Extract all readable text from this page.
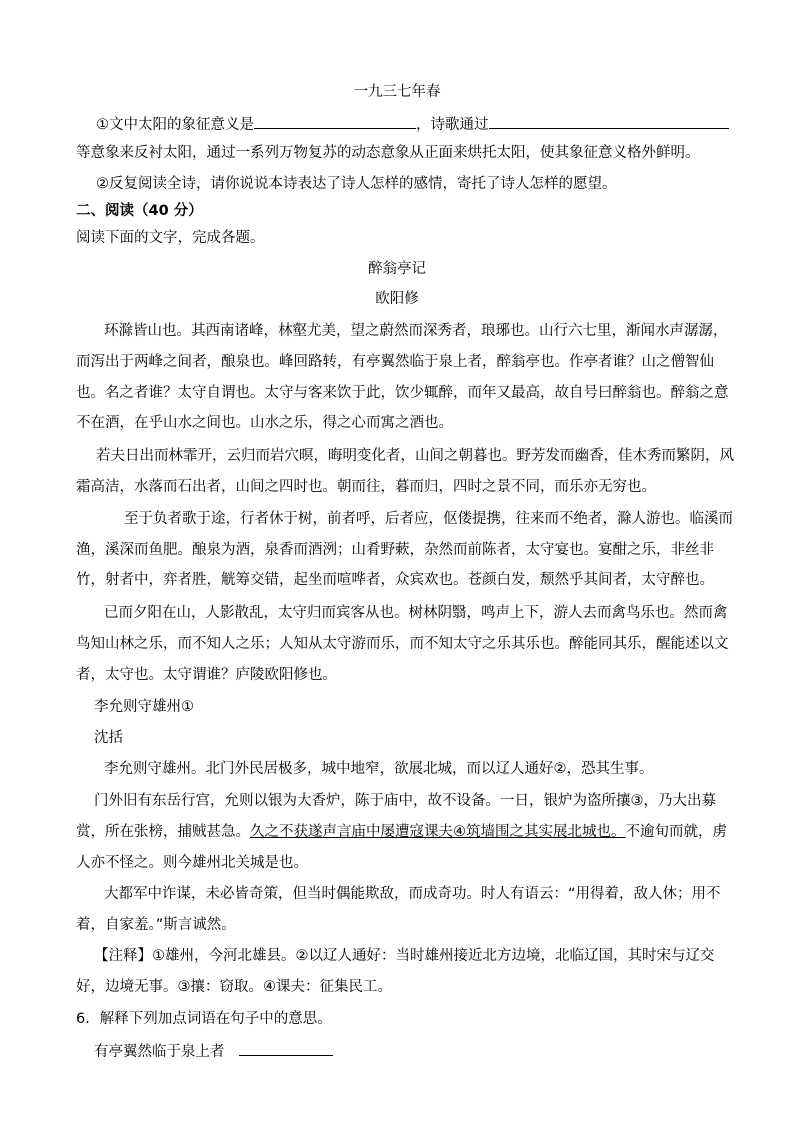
一九三七年春
①文中太阳的象征意义是	，诗歌通过
等意象来反衬太阳，通过一系列万物复苏的动态意象从正面来烘托太阳，使其象征意义格外鲜明。
②反复阅读全诗，请你说说本诗表达了诗人怎样的感情，寄托了诗人怎样的愿望。
二、阅读（40 分）
阅读下面的文字，完成各题。
醉翁亭记
欧阳修
环滁皆山也。其西南诸峰，林壑尤美，望之蔚然而深秀者，琅琊也。山行六七里，渐闻水声潺潺，
而泻出于两峰之间者，酿泉也。峰回路转，有亭翼然临于泉上者，醉翁亭也。作亭者谁？山之僧智仙
也。名之者谁？太守自谓也。太守与客来饮于此，饮少辄醉，而年又最高，故自号曰醉翁也。醉翁之意
不在酒，在乎山水之间也。山水之乐，得之心而寓之酒也。
若夫日出而林霏开，云归而岩穴暝，晦明变化者，山间之朝暮也。野芳发而幽香，佳木秀而繁阴，风
霜高洁，水落而石出者，山间之四时也。朝而往，暮而归，四时之景不同，而乐亦无穷也。
至于负者歌于途，行者休于树，前者呼，后者应，伛偻提携，往来而不绝者，滁人游也。临溪而
渔，溪深而鱼肥。酿泉为酒，泉香而酒洌；山肴野蔌，杂然而前陈者，太守宴也。宴酣之乐，非丝非
竹，射者中，弈者胜，觥筹交错，起坐而喧哗者，众宾欢也。苍颜白发，颓然乎其间者，太守醉也。
已而夕阳在山，人影散乱，太守归而宾客从也。树林阴翳，鸣声上下，游人去而禽鸟乐也。然而禽
鸟知山林之乐，而不知人之乐；人知从太守游而乐，而不知太守之乐其乐也。醉能同其乐，醒能述以文
者，太守也。太守谓谁？庐陵欧阳修也。
李允则守雄州①
沈括
李允则守雄州。北门外民居极多，城中地窄，欲展北城，而以辽人通好②，恐其生事。
门外旧有东岳行宫，允则以银为大香炉，陈于庙中，故不设备。一日，银炉为盗所攘③，乃大出募
赏，所在张榜，捕贼甚急。久之不获遂声言庙中屡遭寇课夫④筑墙围之其实展北城也。不逾旬而就，虏
人亦不怪之。则今雄州北关城是也。
大都军中诈谋，未必皆奇策，但当时偶能欺敌，而成奇功。时人有语云：“用得着，敌人休；用不
着，自家羞。”斯言诚然。
【注释】①雄州，今河北雄县。②以辽人通好：当时雄州接近北方边境，北临辽国，其时宋与辽交
好，边境无事。③攘：窃取。④课夫：征集民工。
6．解释下列加点词语在句子中的意思。
有亭翼然临于泉上者
